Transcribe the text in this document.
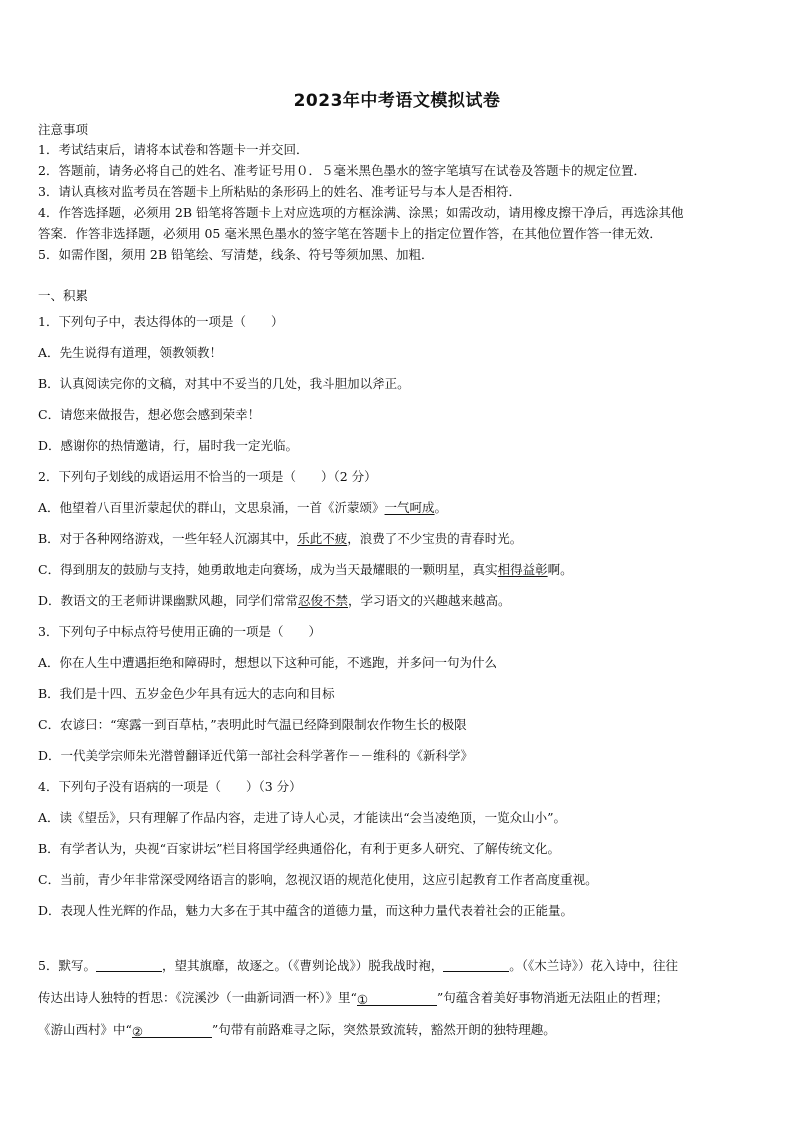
2023年中考语文模拟试卷
注意事项
1．考试结束后，请将本试卷和答题卡一并交回．
2．答题前，请务必将自己的姓名、准考证号用０．５毫米黑色墨水的签字笔填写在试卷及答题卡的规定位置．
3．请认真核对监考员在答题卡上所粘贴的条形码上的姓名、准考证号与本人是否相符．
4．作答选择题，必须用 2B 铅笔将答题卡上对应选项的方框涂满、涂黑；如需改动，请用橡皮擦干净后，再选涂其他
答案．作答非选择题，必须用 05 毫米黑色墨水的签字笔在答题卡上的指定位置作答，在其他位置作答一律无效．
5．如需作图，须用 2B 铅笔绘、写清楚，线条、符号等须加黑、加粗．
一、积累
1．下列句子中，表达得体的一项是（　　）
A．先生说得有道理，领教领教！
B．认真阅读完你的文稿，对其中不妥当的几处，我斗胆加以斧正。
C．请您来做报告，想必您会感到荣幸！
D．感谢你的热情邀请，行，届时我一定光临。
2．下列句子划线的成语运用不恰当的一项是（　　）（2 分）
A．他望着八百里沂蒙起伏的群山，文思泉涌，一首《沂蒙颂》一气呵成。
B．对于各种网络游戏，一些年轻人沉溺其中，乐此不疲，浪费了不少宝贵的青春时光。
C．得到朋友的鼓励与支持，她勇敢地走向赛场，成为当天最耀眼的一颗明星，真实相得益彰啊。
D．教语文的王老师讲课幽默风趣，同学们常常忍俊不禁，学习语文的兴趣越来越高。
3．下列句子中标点符号使用正确的一项是（　　）
A．你在人生中遭遇拒绝和障碍时，想想以下这种可能，不逃跑，并多问一句为什么
B．我们是十四、五岁金色少年具有远大的志向和目标
C．农谚曰：“寒露一到百草枯，”表明此时气温已经降到限制农作物生长的极限
D．一代美学宗师朱光潜曾翻译近代第一部社会科学著作－－维科的《新科学》
4．下列句子没有语病的一项是（　　）（3 分）
A．读《望岳》，只有理解了作品内容，走进了诗人心灵，才能读出“会当凌绝顶，一览众山小”。
B．有学者认为，央视“百家讲坛”栏目将国学经典通俗化，有利于更多人研究、了解传统文化。
C．当前，青少年非常深受网络语言的影响，忽视汉语的规范化使用，这应引起教育工作者高度重视。
D．表现人性光辉的作品，魅力大多在于其中蕴含的道德力量，而这种力量代表着社会的正能量。
5．默写。	，望其旗靡，故逐之。（《曹刿论战》）脱我战时袍，	。（《木兰诗》）花入诗中，往往
传达出诗人独特的哲思：《浣溪沙（一曲新词酒一杯）》里“①	”句蕴含着美好事物消逝无法阻止的哲理；
《游山西村》中“②	”句带有前路难寻之际，突然景致流转，豁然开朗的独特理趣。
